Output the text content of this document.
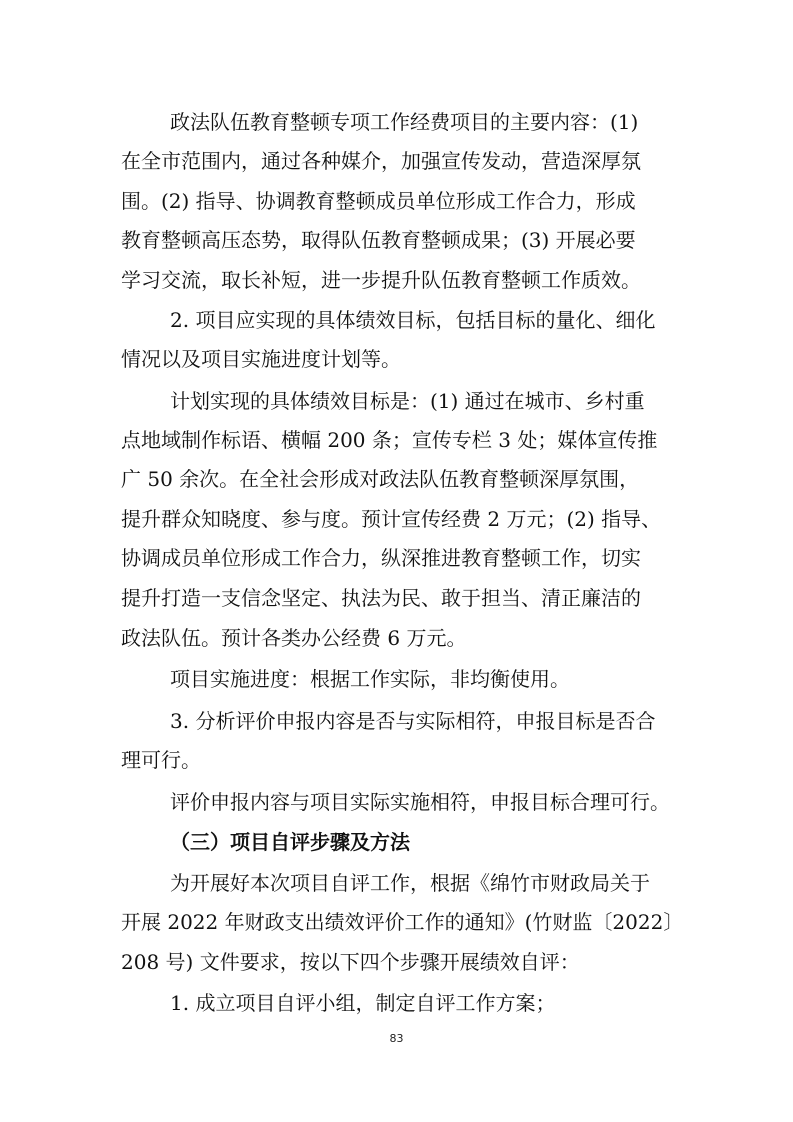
政法队伍教育整顿专项工作经费项目的主要内容：(1)
在全市范围内，通过各种媒介，加强宣传发动，营造深厚氛
围。(2) 指导、协调教育整顿成员单位形成工作合力，形成
教育整顿高压态势，取得队伍教育整顿成果；(3) 开展必要
学习交流，取长补短，进一步提升队伍教育整顿工作质效。
2. 项目应实现的具体绩效目标，包括目标的量化、细化
情况以及项目实施进度计划等。
计划实现的具体绩效目标是：(1) 通过在城市、乡村重
点地域制作标语、横幅 200 条；宣传专栏 3 处；媒体宣传推
广 50 余次。在全社会形成对政法队伍教育整顿深厚氛围，
提升群众知晓度、参与度。预计宣传经费 2 万元；(2) 指导、
协调成员单位形成工作合力，纵深推进教育整顿工作，切实
提升打造一支信念坚定、执法为民、敢于担当、清正廉洁的
政法队伍。预计各类办公经费 6 万元。
项目实施进度：根据工作实际，非均衡使用。
3. 分析评价申报内容是否与实际相符，申报目标是否合
理可行。
评价申报内容与项目实际实施相符，申报目标合理可行。
（三）项目自评步骤及方法
为开展好本次项目自评工作，根据《绵竹市财政局关于
开展 2022 年财政支出绩效评价工作的通知》(竹财监〔2022〕
208 号) 文件要求，按以下四个步骤开展绩效自评：
1. 成立项目自评小组，制定自评工作方案；
83
